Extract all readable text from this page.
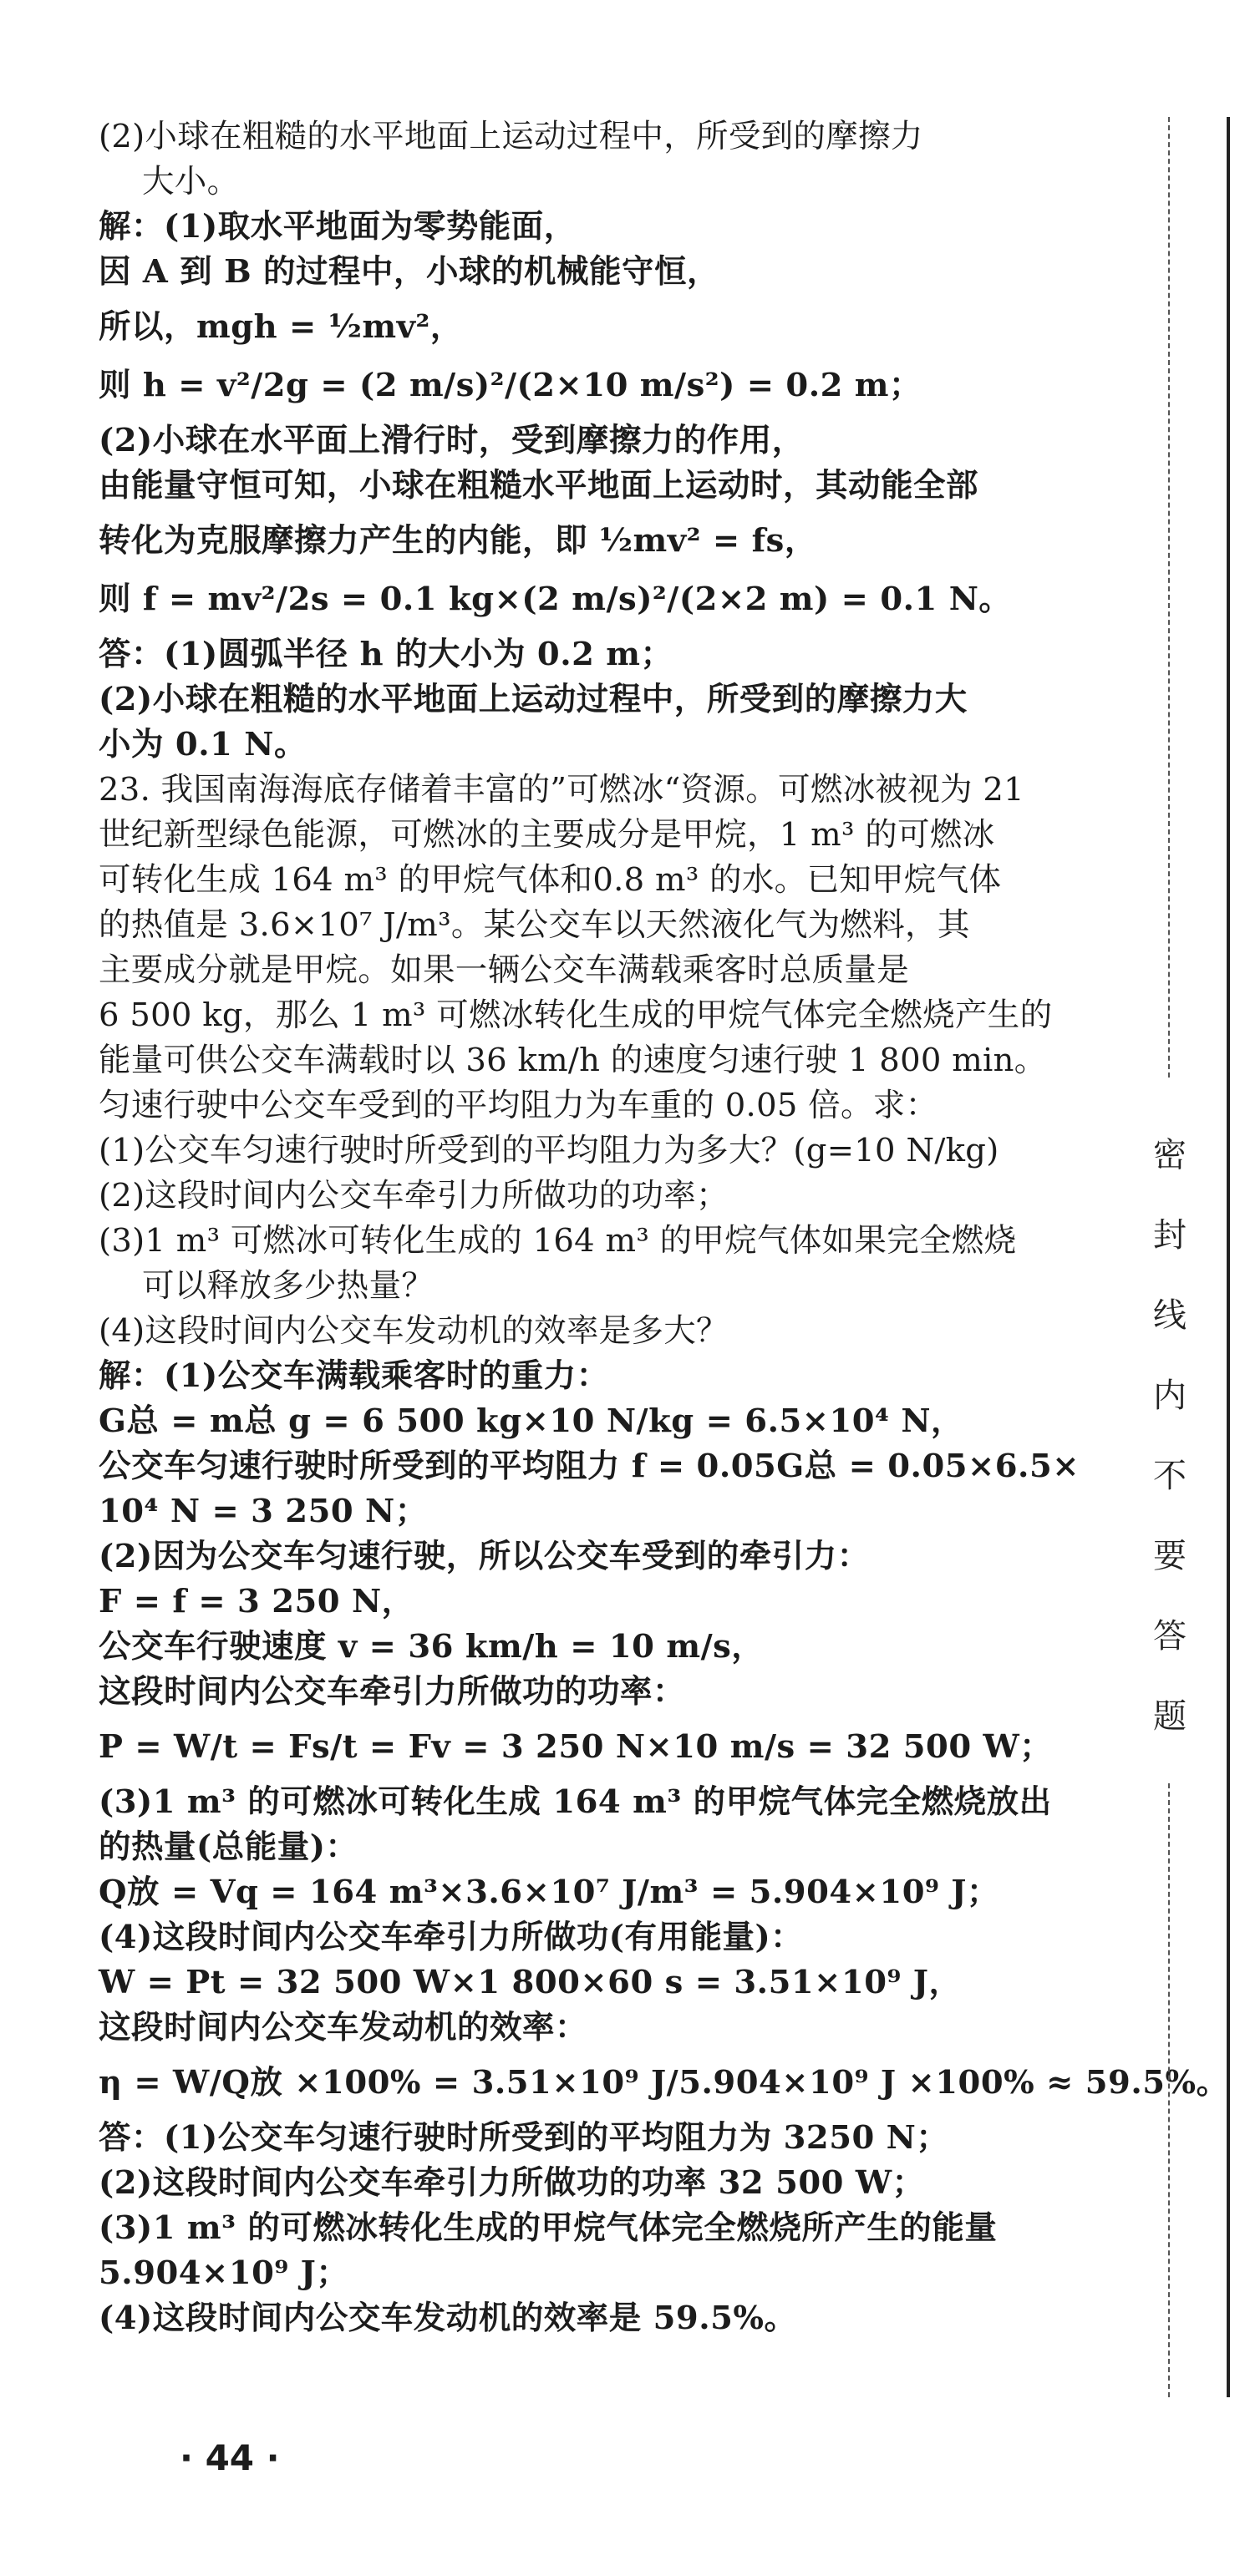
(2)小球在粗糙的水平地面上运动过程中，所受到的摩擦力
大小。
解：(1)取水平地面为零势能面，
因 A 到 B 的过程中，小球的机械能守恒，
所以，mgh = ½mv²，
则 h = v²/2g = (2 m/s)²/(2×10 m/s²) = 0.2 m；
(2)小球在水平面上滑行时，受到摩擦力的作用，
由能量守恒可知，小球在粗糙水平地面上运动时，其动能全部
转化为克服摩擦力产生的内能，即 ½mv² = fs，
则 f = mv²/2s = 0.1 kg×(2 m/s)²/(2×2 m) = 0.1 N。
答：(1)圆弧半径 h 的大小为 0.2 m；
(2)小球在粗糙的水平地面上运动过程中，所受到的摩擦力大
小为 0.1 N。
23. 我国南海海底存储着丰富的”可燃冰“资源。可燃冰被视为 21
世纪新型绿色能源，可燃冰的主要成分是甲烷，1 m³ 的可燃冰
可转化生成 164 m³ 的甲烷气体和0.8 m³ 的水。已知甲烷气体
的热值是 3.6×10⁷ J/m³。某公交车以天然液化气为燃料，其
主要成分就是甲烷。如果一辆公交车满载乘客时总质量是
6 500 kg，那么 1 m³ 可燃冰转化生成的甲烷气体完全燃烧产生的
能量可供公交车满载时以 36 km/h 的速度匀速行驶 1 800 min。
匀速行驶中公交车受到的平均阻力为车重的 0.05 倍。求：
(1)公交车匀速行驶时所受到的平均阻力为多大？(g=10 N/kg)
(2)这段时间内公交车牵引力所做功的功率；
(3)1 m³ 可燃冰可转化生成的 164 m³ 的甲烷气体如果完全燃烧
可以释放多少热量？
(4)这段时间内公交车发动机的效率是多大？
解：(1)公交车满载乘客时的重力：
G总 = m总 g = 6 500 kg×10 N/kg = 6.5×10⁴ N，
公交车匀速行驶时所受到的平均阻力 f = 0.05G总 = 0.05×6.5×
10⁴ N = 3 250 N；
(2)因为公交车匀速行驶，所以公交车受到的牵引力：
F = f = 3 250 N，
公交车行驶速度 v = 36 km/h = 10 m/s，
这段时间内公交车牵引力所做功的功率：
P = W/t = Fs/t = Fv = 3 250 N×10 m/s = 32 500 W；
(3)1 m³ 的可燃冰可转化生成 164 m³ 的甲烷气体完全燃烧放出
的热量(总能量)：
Q放 = Vq = 164 m³×3.6×10⁷ J/m³ = 5.904×10⁹ J；
(4)这段时间内公交车牵引力所做功(有用能量)：
W = Pt = 32 500 W×1 800×60 s = 3.51×10⁹ J，
这段时间内公交车发动机的效率：
η = W/Q放 ×100% = 3.51×10⁹ J/5.904×10⁹ J ×100% ≈ 59.5%。
答：(1)公交车匀速行驶时所受到的平均阻力为 3250 N；
(2)这段时间内公交车牵引力所做功的功率 32 500 W；
(3)1 m³ 的可燃冰转化生成的甲烷气体完全燃烧所产生的能量
5.904×10⁹ J；
(4)这段时间内公交车发动机的效率是 59.5%。
密
封
线
内
不
要
答
题
· 44 ·
